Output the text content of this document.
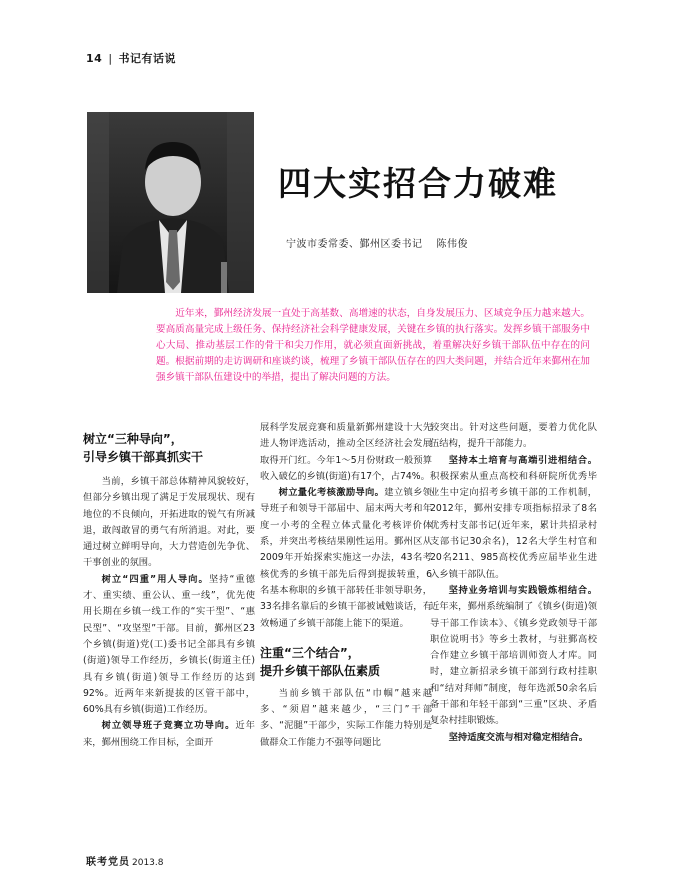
14 | 书记有话说
四大实招合力破难
宁波市委常委、鄞州区委书记 陈伟俊

近年来，鄞州经济发展一直处于高基数、高增速的状态，自身发展压力、区域竞争压力越来越大。要高质高量完成上级任务、保持经济社会科学健康发展，关键在乡镇的执行落实。发挥乡镇干部服务中心大局、推动基层工作的骨干和尖刀作用，就必须直面新挑战，着重解决好乡镇干部队伍中存在的问题。根据前期的走访调研和座谈约谈，梳理了乡镇干部队伍存在的四大类问题，并结合近年来鄞州在加强乡镇干部队伍建设中的举措，提出了解决问题的方法。

树立“三种导向”，
引导乡镇干部真抓实干

当前，乡镇干部总体精神风貌较好，但部分乡镇出现了满足于发展现状、现有地位的不良倾向，开拓进取的锐气有所减退，敢闯敢冒的勇气有所消退。对此，要通过树立鲜明导向，大力营造创先争优、干事创业的氛围。

树立“四重”用人导向。坚持“重德才、重实绩、重公认、重一线”，优先使用长期在乡镇一线工作的“实干型”、“惠民型”、“攻坚型”干部。目前，鄞州区23个乡镇(街道)党(工)委书记全部具有乡镇(街道)领导工作经历，乡镇长(街道主任)具有乡镇(街道)领导工作经历的达到92%。近两年来新提拔的区管干部中，60%具有乡镇(街道)工作经历。

树立领导班子竞赛立功导向。近年来，鄞州围绕工作目标，全面开

展科学发展竞赛和质量新鄞州建设十大先进人物评选活动，推动全区经济社会发展取得开门红。今年1～5月份财政一般预算收入破亿的乡镇(街道)有17个，占74%。

树立量化考核激励导向。建立镇乡领导班子和领导干部届中、届末两大考和年度一小考的全程立体式量化考核评价体系，并突出考核结果刚性运用。鄞州区从2009年开始探索实施这一办法，43名考核优秀的乡镇干部先后得到提拔转重，6名基本称职的乡镇干部转任非领导职务，33名排名靠后的乡镇干部被诫勉谈话，有效畅通了乡镇干部能上能下的渠道。

注重“三个结合”，
提升乡镇干部队伍素质

当前乡镇干部队伍“巾帼”越来越多、“须眉”越来越少，“三门”干部多、“泥腿”干部少，实际工作能力特别是做群众工作能力不强等问题比

较突出。针对这些问题，要着力优化队伍结构，提升干部能力。

坚持本土培育与高端引进相结合。积极探索从重点高校和科研院所优秀毕业生中定向招考乡镇干部的工作机制，2012年，鄞州安排专项指标招录了8名优秀村支部书记(近年来，累计共招录村支部书记30余名)，12名大学生村官和20名211、985高校优秀应届毕业生进入乡镇干部队伍。

坚持业务培训与实践锻炼相结合。近年来，鄞州系统编制了《镇乡(街道)领导干部工作读本》、《镇乡党政领导干部职位说明书》等乡土教材，与驻鄞高校合作建立乡镇干部培训师资人才库。同时，建立新招录乡镇干部到行政村挂职和“结对拜师”制度，每年选派50余名后备干部和年轻干部到“三重”区块、矛盾复杂村挂职锻炼。

坚持适度交流与相对稳定相结合。

联考党员 2013.8
